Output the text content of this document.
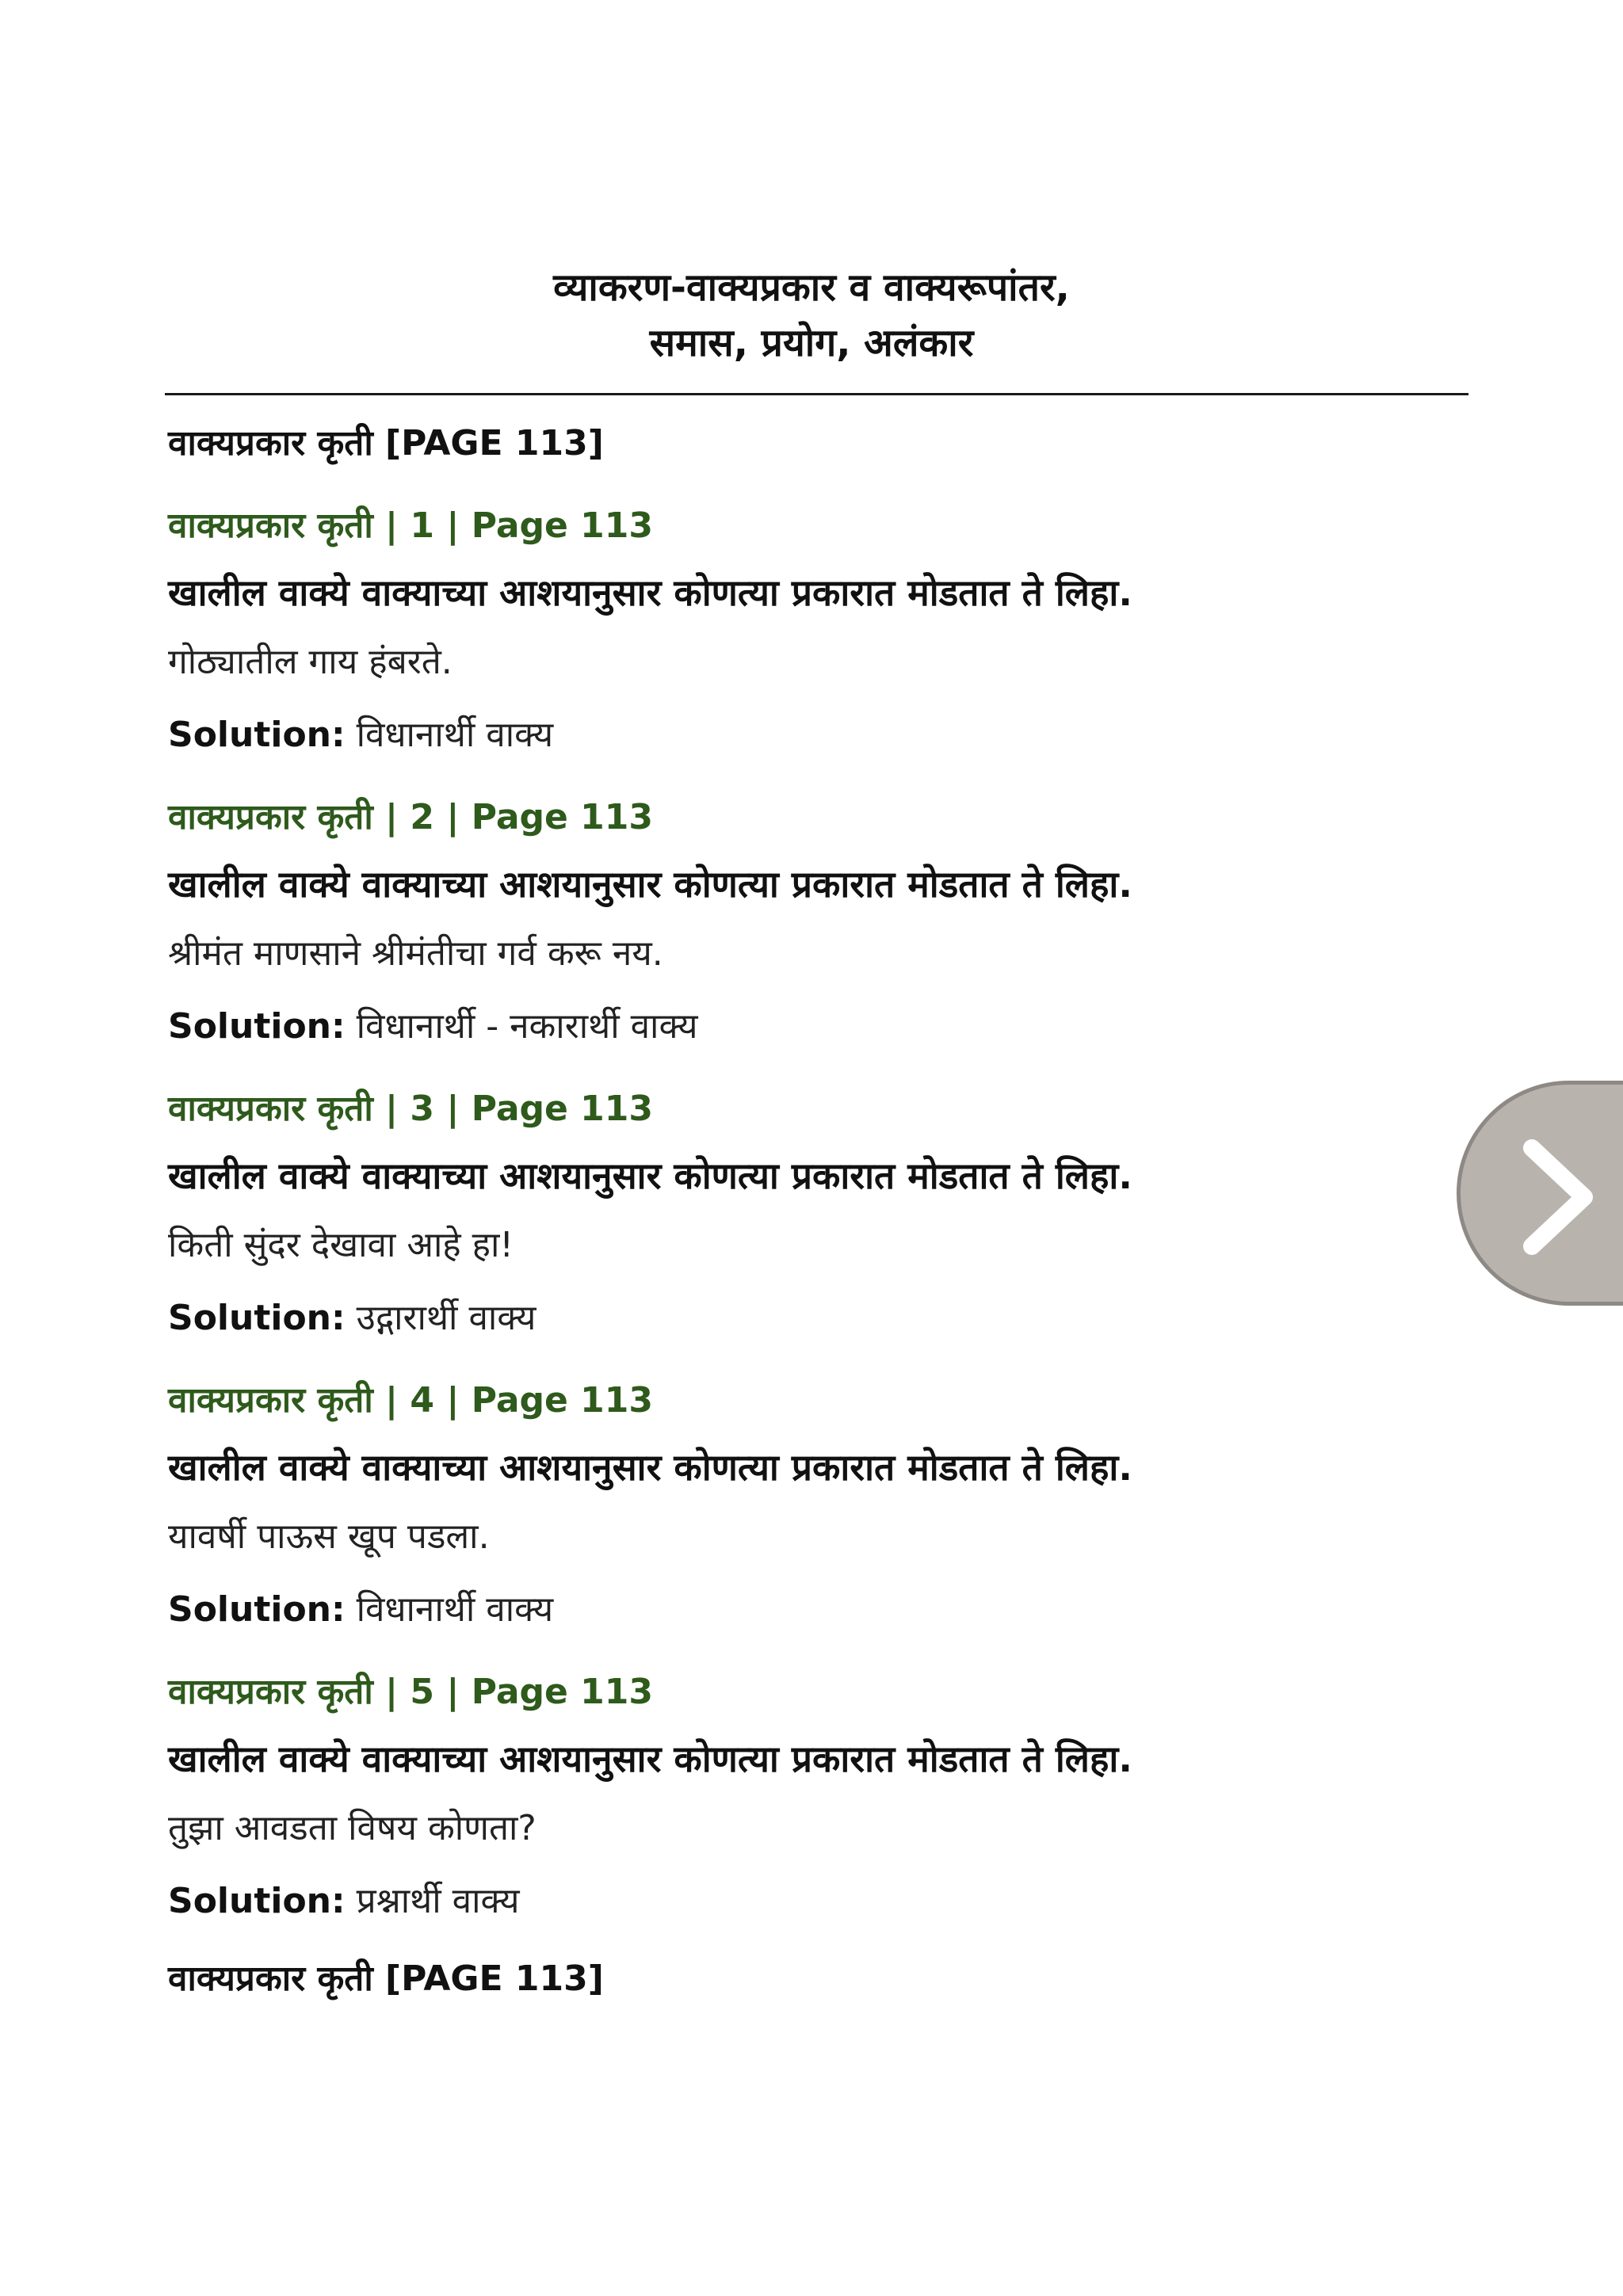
व्याकरण-वाक्यप्रकार व वाक्यरूपांतर,
समास, प्रयोग, अलंकार
वाक्यप्रकार कृती [PAGE 113]
वाक्यप्रकार कृती | 1 | Page 113
खालील वाक्ये वाक्याच्या आशयानुसार कोणत्या प्रकारात मोडतात ते लिहा.
गोठ्यातील गाय हंबरते.
Solution: विधानार्थी वाक्य
वाक्यप्रकार कृती | 2 | Page 113
खालील वाक्ये वाक्याच्या आशयानुसार कोणत्या प्रकारात मोडतात ते लिहा.
श्रीमंत माणसाने श्रीमंतीचा गर्व करू नय.
Solution: विधानार्थी - नकारार्थी वाक्य
वाक्यप्रकार कृती | 3 | Page 113
खालील वाक्ये वाक्याच्या आशयानुसार कोणत्या प्रकारात मोडतात ते लिहा.
किती सुंदर देखावा आहे हा!
Solution: उद्गारार्थी वाक्य
वाक्यप्रकार कृती | 4 | Page 113
खालील वाक्ये वाक्याच्या आशयानुसार कोणत्या प्रकारात मोडतात ते लिहा.
यावर्षी पाऊस खूप पडला.
Solution: विधानार्थी वाक्य
वाक्यप्रकार कृती | 5 | Page 113
खालील वाक्ये वाक्याच्या आशयानुसार कोणत्या प्रकारात मोडतात ते लिहा.
तुझा आवडता विषय कोणता?
Solution: प्रश्नार्थी वाक्य
वाक्यप्रकार कृती [PAGE 113]
